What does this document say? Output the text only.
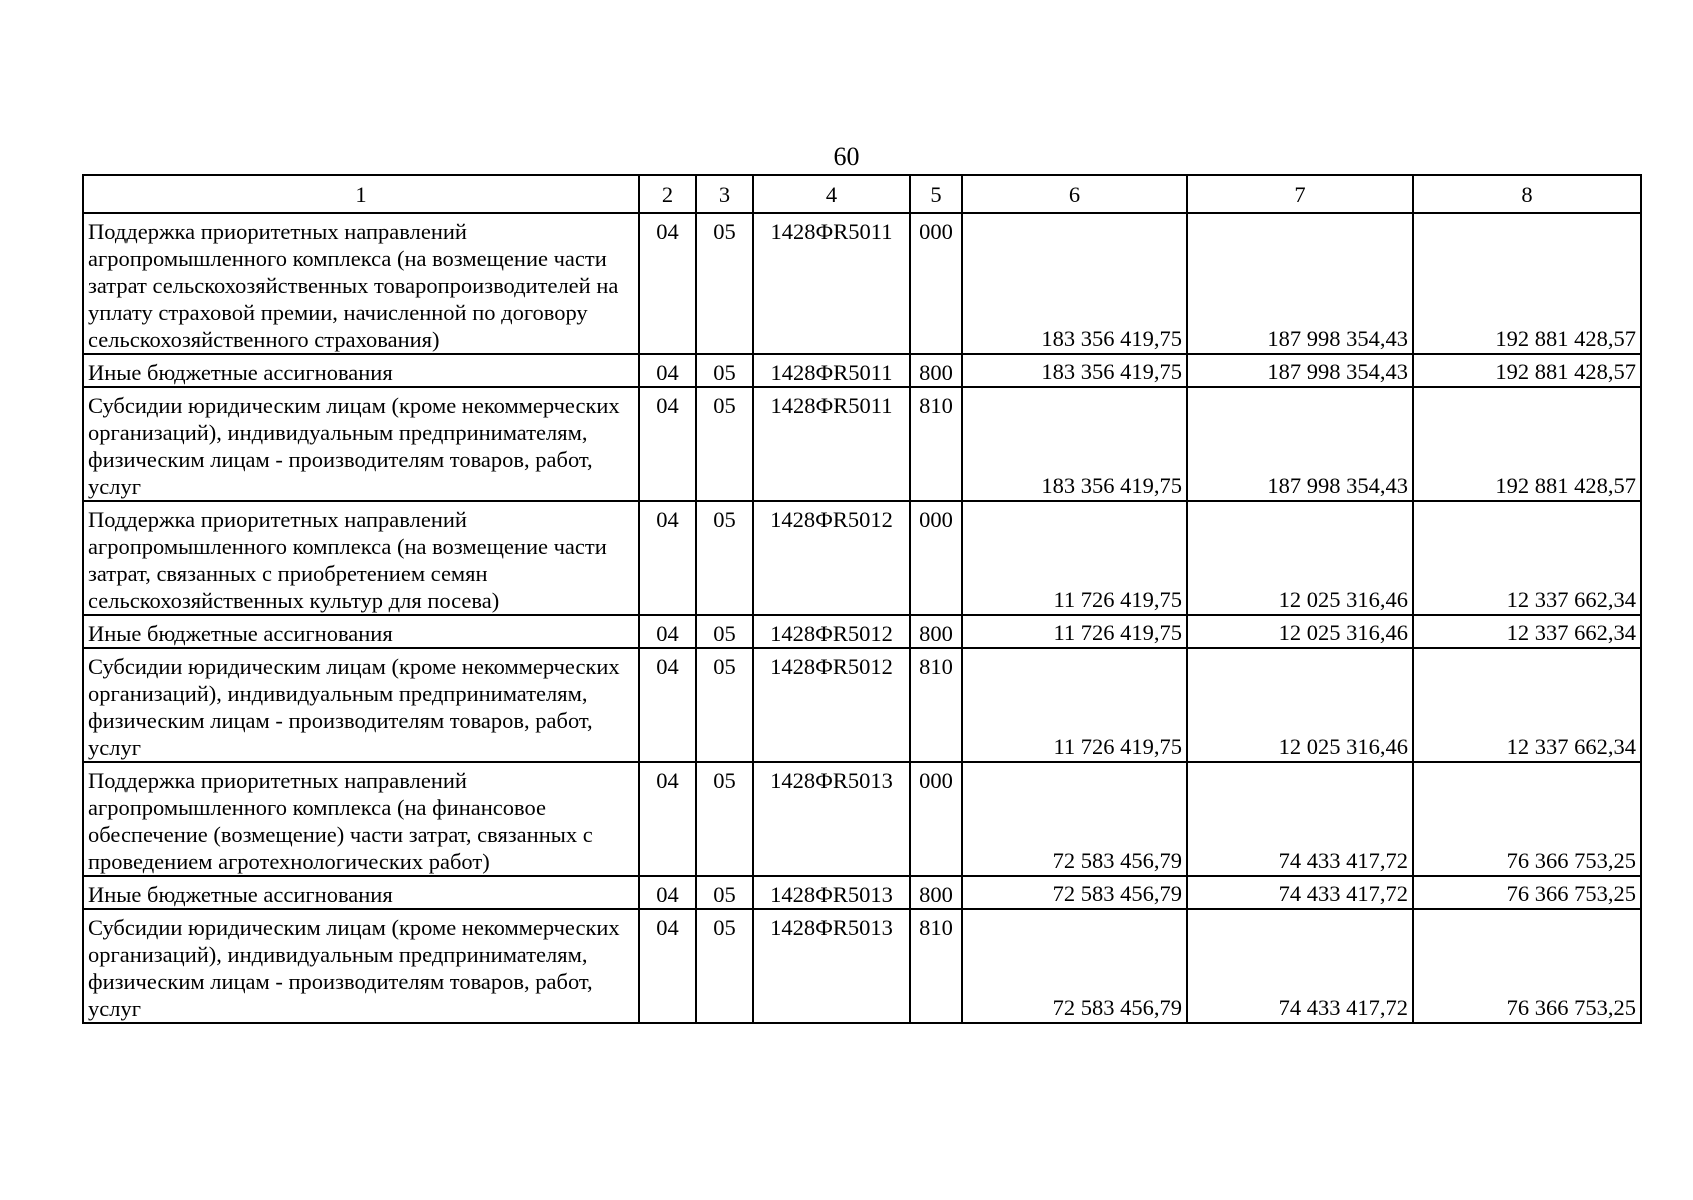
60
1	2	3	4	5	6	7	8
Поддержка приоритетных направлений агропромышленного комплекса (на возмещение части затрат сельскохозяйственных товаропроизводителей на уплату страховой премии, начисленной по договору сельскохозяйственного страхования)	04	05	1428ФR5011	000	183 356 419,75	187 998 354,43	192 881 428,57
Иные бюджетные ассигнования	04	05	1428ФR5011	800	183 356 419,75	187 998 354,43	192 881 428,57
Субсидии юридическим лицам (кроме некоммерческих организаций), индивидуальным предпринимателям, физическим лицам - производителям товаров, работ, услуг	04	05	1428ФR5011	810	183 356 419,75	187 998 354,43	192 881 428,57
Поддержка приоритетных направлений агропромышленного комплекса (на возмещение части затрат, связанных с приобретением семян сельскохозяйственных культур для посева)	04	05	1428ФR5012	000	11 726 419,75	12 025 316,46	12 337 662,34
Иные бюджетные ассигнования	04	05	1428ФR5012	800	11 726 419,75	12 025 316,46	12 337 662,34
Субсидии юридическим лицам (кроме некоммерческих организаций), индивидуальным предпринимателям, физическим лицам - производителям товаров, работ, услуг	04	05	1428ФR5012	810	11 726 419,75	12 025 316,46	12 337 662,34
Поддержка приоритетных направлений агропромышленного комплекса (на финансовое обеспечение (возмещение) части затрат, связанных с проведением агротехнологических работ)	04	05	1428ФR5013	000	72 583 456,79	74 433 417,72	76 366 753,25
Иные бюджетные ассигнования	04	05	1428ФR5013	800	72 583 456,79	74 433 417,72	76 366 753,25
Субсидии юридическим лицам (кроме некоммерческих организаций), индивидуальным предпринимателям, физическим лицам - производителям товаров, работ, услуг	04	05	1428ФR5013	810	72 583 456,79	74 433 417,72	76 366 753,25
